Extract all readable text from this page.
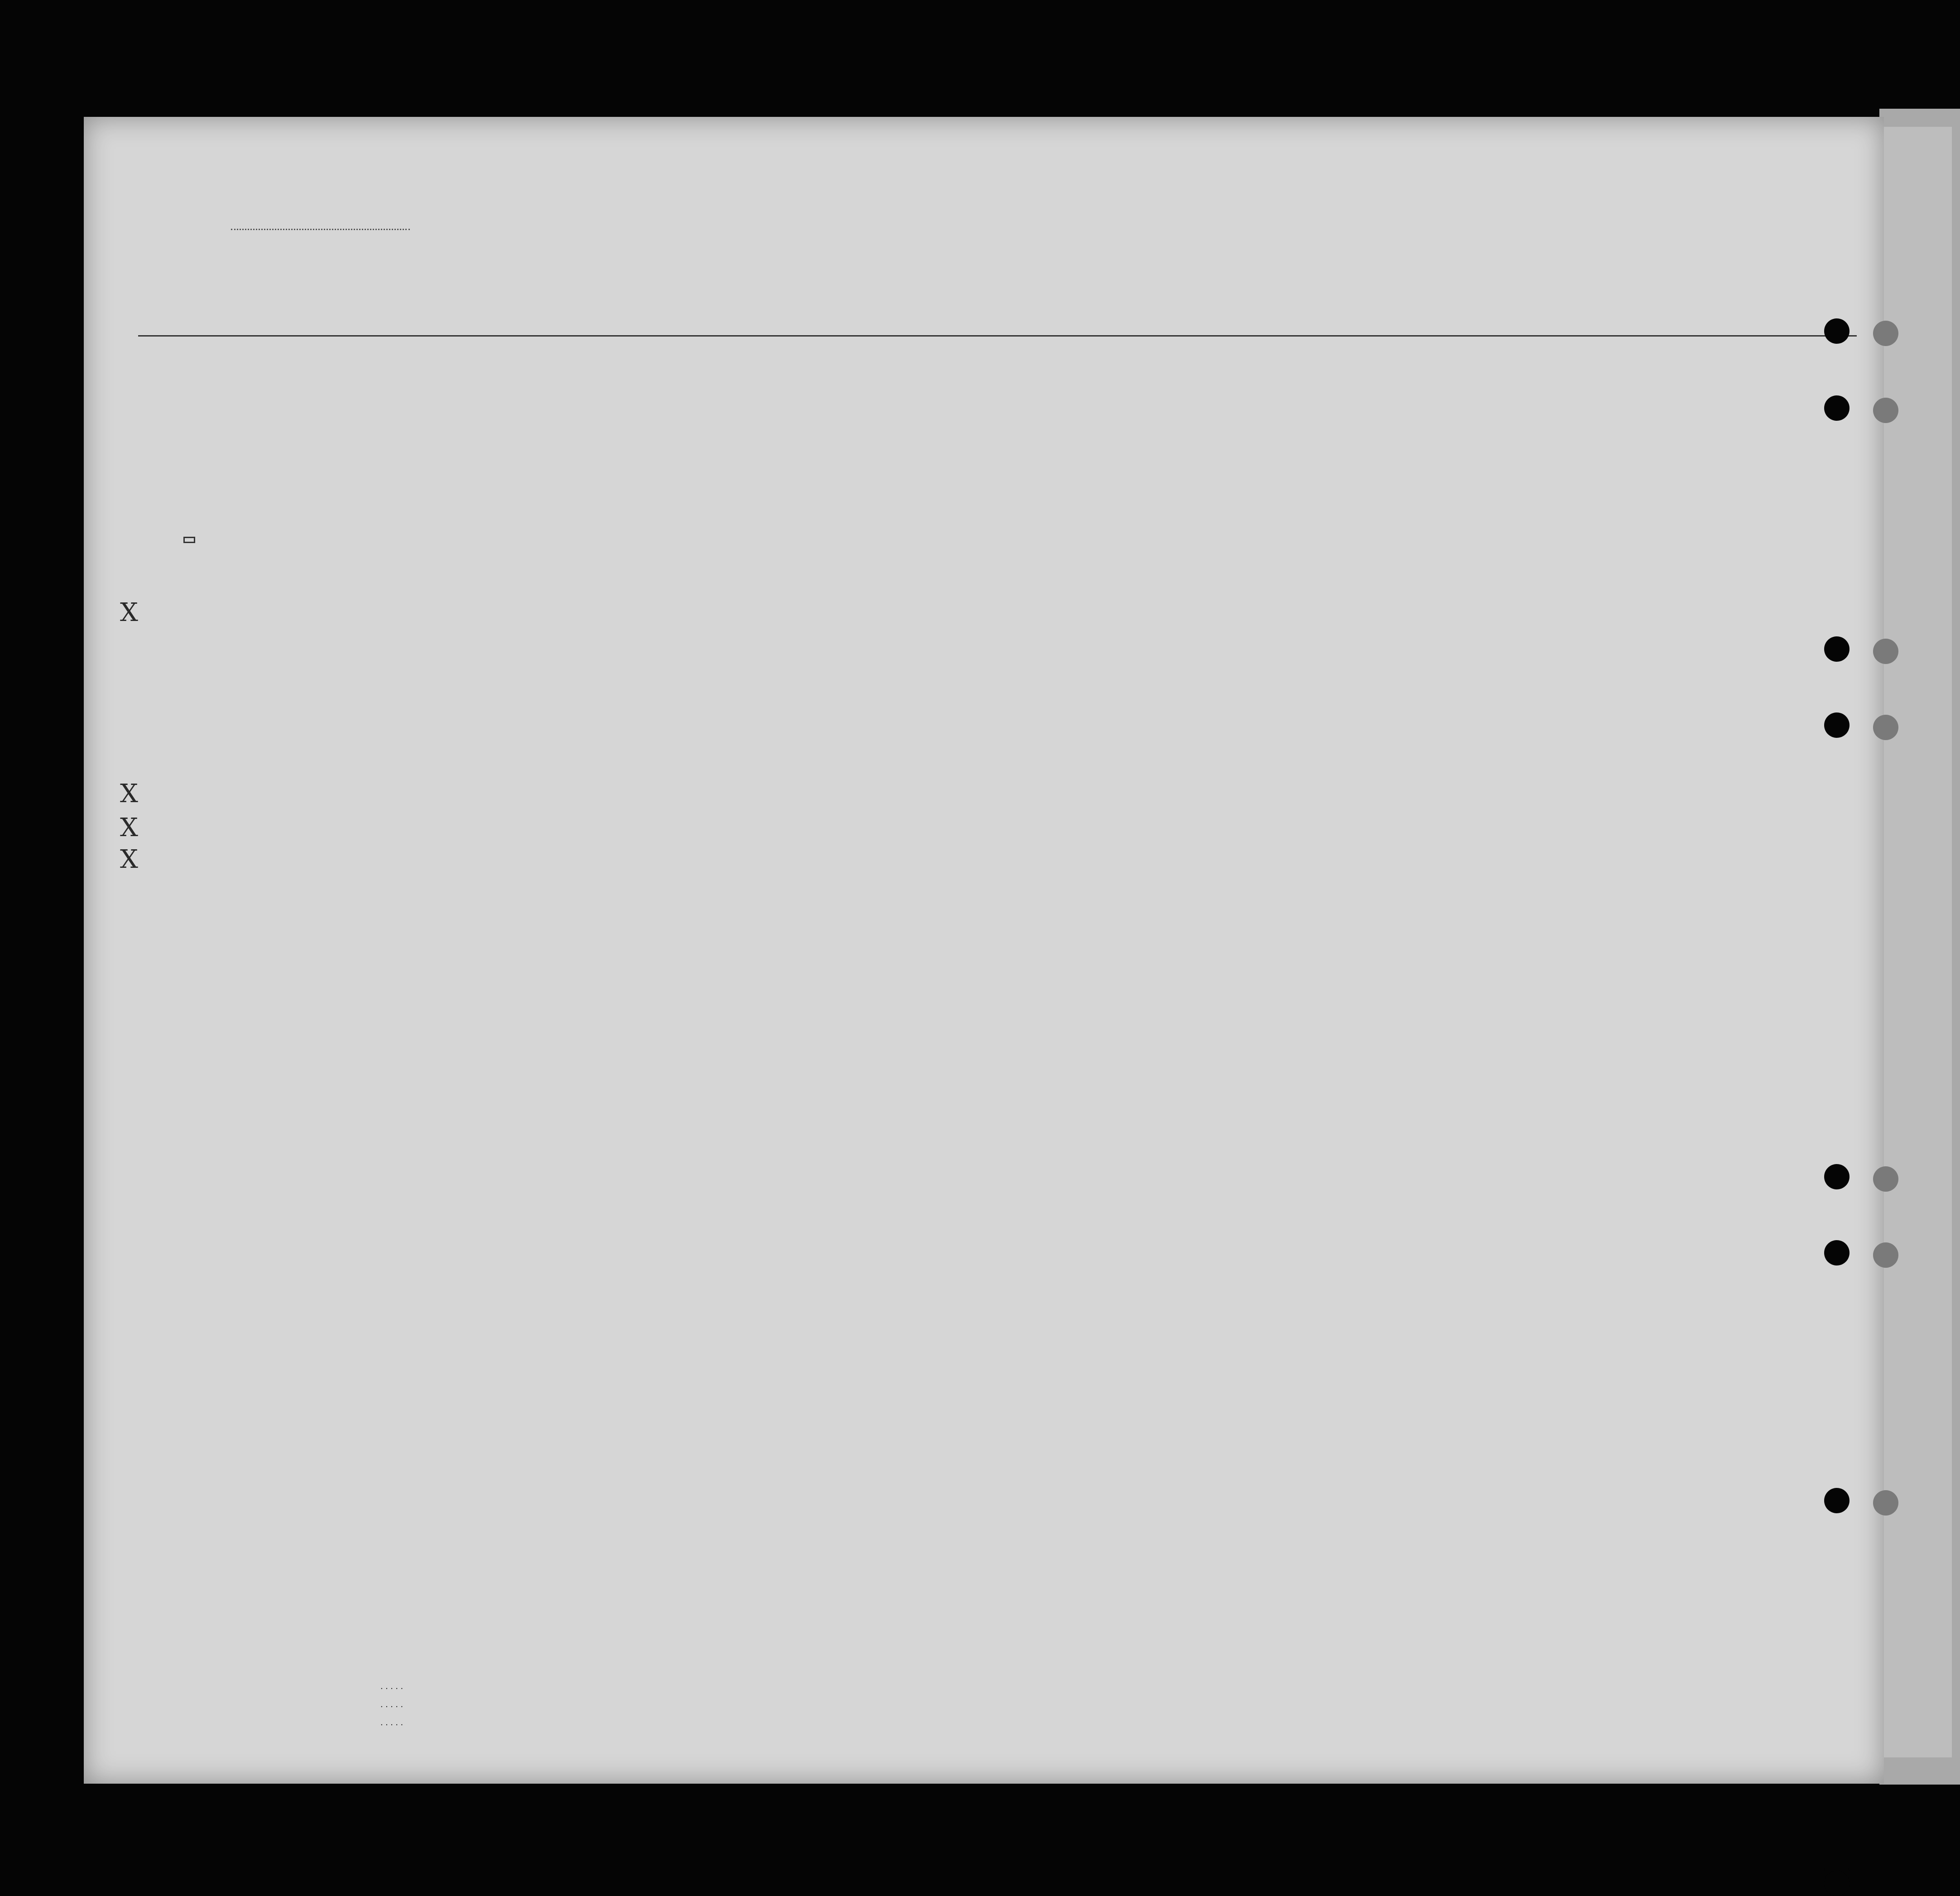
X
X
X
X
. . . . .
. . . . .
. . . . .
